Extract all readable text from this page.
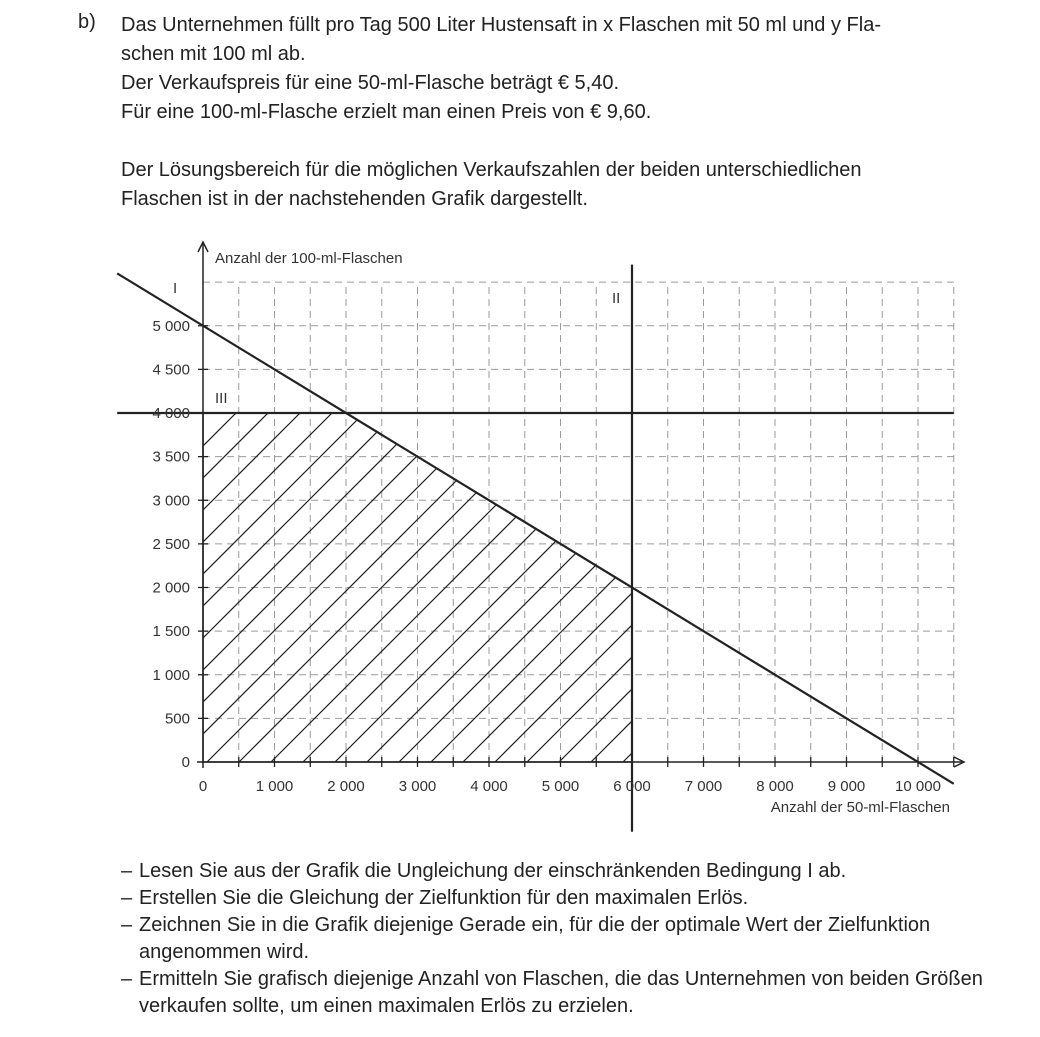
b) Das Unternehmen füllt pro Tag 500 Liter Hustensaft in x Flaschen mit 50 ml und y Fla-

schen mit 100 ml ab.

Der Verkaufspreis für eine 50-ml-Flasche beträgt € 5,40.

Für eine 100-ml-Flasche erzielt man einen Preis von € 9,60.

Der Lösungsbereich für die möglichen Verkaufszahlen der beiden unterschiedlichen

Flaschen ist in der nachstehenden Grafik dargestellt.

0	1 000 2 000 3 000 4 000 5 000 6 000 7 000 8 000 9 000 10 000
0
500
1 000
1 500
2 000
2 500
3 000
3 500
4 000
4 500
5 000
Anzahl der 100-ml-Flaschen
Anzahl der 50-ml-Flaschen
I
II
III
– Lesen Sie aus der Grafik die Ungleichung der einschränkenden Bedingung I ab.
– Erstellen Sie die Gleichung der Zielfunktion für den maximalen Erlös.
– Zeichnen Sie in die Grafik diejenige Gerade ein, für die der optimale Wert der Zielfunktion angenommen wird.
– Ermitteln Sie grafisch diejenige Anzahl von Flaschen, die das Unternehmen von beiden Größen verkaufen sollte, um einen maximalen Erlös zu erzielen.
